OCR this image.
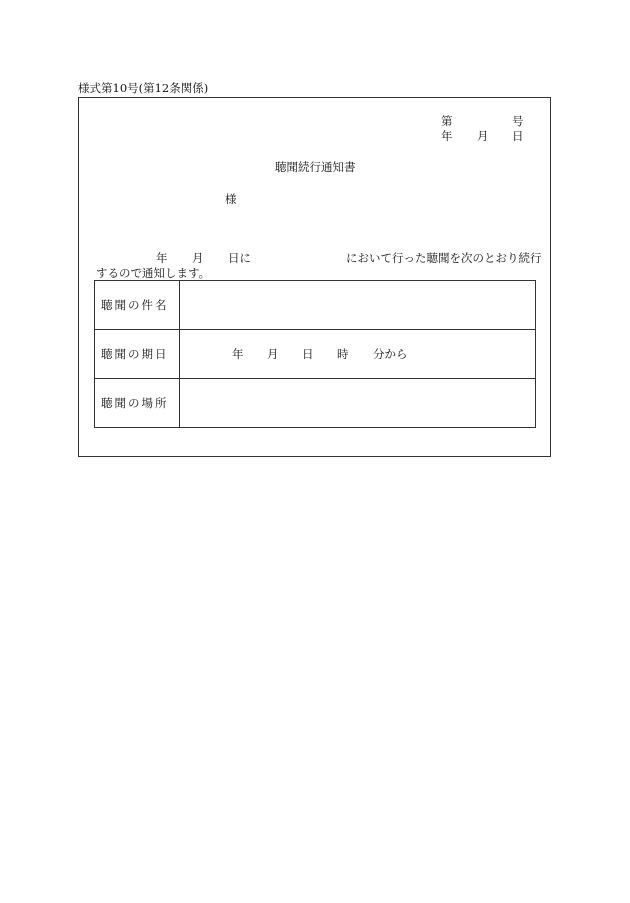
様式第10号(第12条関係)
第	号
年 月 日
聴聞続行通知書
様
年 月 日に	において行った聴聞を次のとおり続行
するので通知します。
聴聞の件名	
聴聞の期日	年 月 日 時 分から

聴聞の場所	
